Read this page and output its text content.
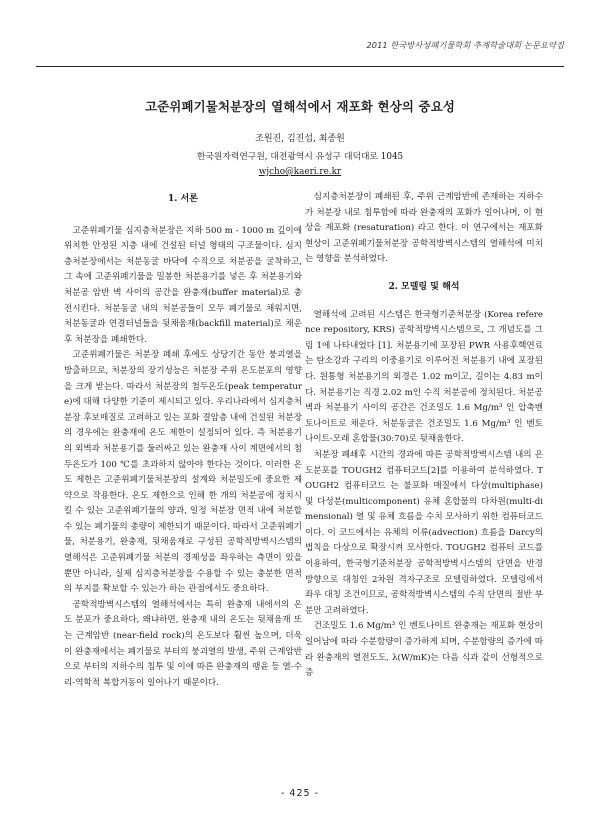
2011 한국방사성폐기물학회 추계학술대회 논문요약집
고준위폐기물처분장의 열해석에서 재포화 현상의 중요성
조원진, 김진섭, 최종원
한국원자력연구원, 대전광역시 유성구 대덕대로 1045
wjcho@kaeri.re.kr
1. 서론

고준위폐기물 심지층처분장은 지하 500 m - 1000 m 깊이에 위치한 안정된 지층 내에 건설된 터널 형태의 구조물이다. 심지층처분장에서는 처분동굴 바닥에 수직으로 처분공을 굴착하고, 그 속에 고준위폐기물을 밀봉한 처분용기를 넣은 후 처분용기와 처분공 암반 벽 사이의 공간을 완충재(buffer material)로 충전시킨다. 처분동굴 내의 처분공들이 모두 폐기물로 채워지면, 처분동굴과 연결터널들을 뒷채움재(backfill material)로 채운 후 처분장을 폐쇄한다.

고준위폐기물은 처분장 폐쇄 후에도 상당기간 동안 붕괴열을 방출하므로, 처분장의 장기성능은 처분장 주위 온도분포의 영향을 크게 받는다. 따라서 처분장의 첨두온도(peak temperature)에 대해 다양한 기준이 제시되고 있다. 우리나라에서 심지층처분장 후보매질로 고려하고 있는 포화 결암층 내에 건설된 처분장의 경우에는 완충재에 온도 제한이 설정되어 있다. 즉 처분용기의 외벽과 처분용기를 둘러싸고 있는 완충재 사이 계면에서의 첨두온도가 100 ℃를 초과하지 않아야 한다는 것이다. 이러한 온도 제한은 고준위폐기물처분장의 설계와 처분밀도에 중요한 제약으로 작용한다. 온도 제한으로 인해 한 개의 처분공에 정치시킬 수 있는 고준위폐기물의 양과, 일정 처분장 면적 내에 처분할 수 있는 폐기물의 총량이 제한되기 때문이다. 따라서 고준위폐기물, 처분용기, 완충재, 뒷채움재로 구성된 공학적방벽시스템의 열해석은 고준위폐기물 처분의 경제성을 좌우하는 측면이 있을 뿐만 아니라, 실제 심지층처분장을 수용할 수 있는 충분한 면적의 부지를 확보할 수 있는가 하는 관점에서도 중요하다.

공학적방벽시스템의 열해석에서는 특히 완충재 내에서의 온도 분포가 중요하다, 왜냐하면, 완충재 내의 온도는 뒷채움재 또는 근계암반 (near-field rock)의 온도보다 훨씬 높으며, 더욱이 완충재에서는 폐기물로 부터의 붕괴열의 발생, 주위 근계암반으로 부터의 지하수의 침투 및 이에 따른 완충재의 팽윤 등 열-수리-역학적 복합거동이 일어나기 때문이다.

심지층처분장이 폐쇄된 후, 주위 근계암반에 존재하는 지하수가 처분장 내로 침투함에 따라 완충재의 포화가 일어나며, 이 현상을 재포화 (resaturation) 라고 한다. 이 연구에서는 재포화 현상이 고준위폐기물처분장 공학적방벽시스템의 열해석에 미치는 영향을 분석하였다.

2. 모델링 및 해석

열해석에 고려된 시스템은 한국형기준처분장 (Korea reference repository, KRS) 공학적방벽시스템으로, 그 개념도를 그림 1에 나타내었다 [1]. 처분용기에 포장된 PWR 사용후핵연료는 탄소강과 구리의 이중용기로 이루어진 처분용기 내에 포장된다. 원통형 처분용기의 외경은 1.02 m이고, 길이는 4.83 m이다. 처분용기는 직경 2.02 m인 수직 처분공에 정치된다. 처분공 벽과 처분용기 사이의 공간은 건조밀도 1.6 Mg/m³ 인 압축벤토나이트로 채운다. 처분동굴은 건조밀도 1.6 Mg/m³ 인 벤토나이트-모래 혼합물(30:70)로 뒷채움한다.

처분장 폐쇄후 시간의 경과에 따른 공학적방벽시스템 내의 온도분포를 TOUGH2 컴퓨터코드[2]를 이용하여 분석하였다. TOUGH2 컴퓨터코드 는 불포화 매질에서 다상(multiphase) 및 다성분(multicomponent) 유체 혼합물의 다차원(multi-dimensional) 열 및 유체 흐름을 수치 모사하기 위한 컴퓨터코드이다. 이 코드에서는 유체의 이류(advection) 흐름을 Darcy의 법칙을 다상으로 확장시켜 모사한다. TOUGH2 컴퓨터 코드를 이용하여, 한국형기준처분장 공학적방벽시스템의 단면을 반경 방향으로 대칭인 2차원 격자구조로 모델링하였다. 모델링에서 좌우 대칭 조건이므로, 공학적방벽시스템의 수직 단면의 절반 부분만 고려하였다.

건조밀도 1.6 Mg/m³ 인 벤토나이트 완충재는 재포화 현상이 일어남에 따라 수분함량이 증가하게 되며, 수분함량의 증가에 따라 완충재의 열전도도, λ(W/mK)는 다음 식과 같이 선형적으로 증

- 425 -
